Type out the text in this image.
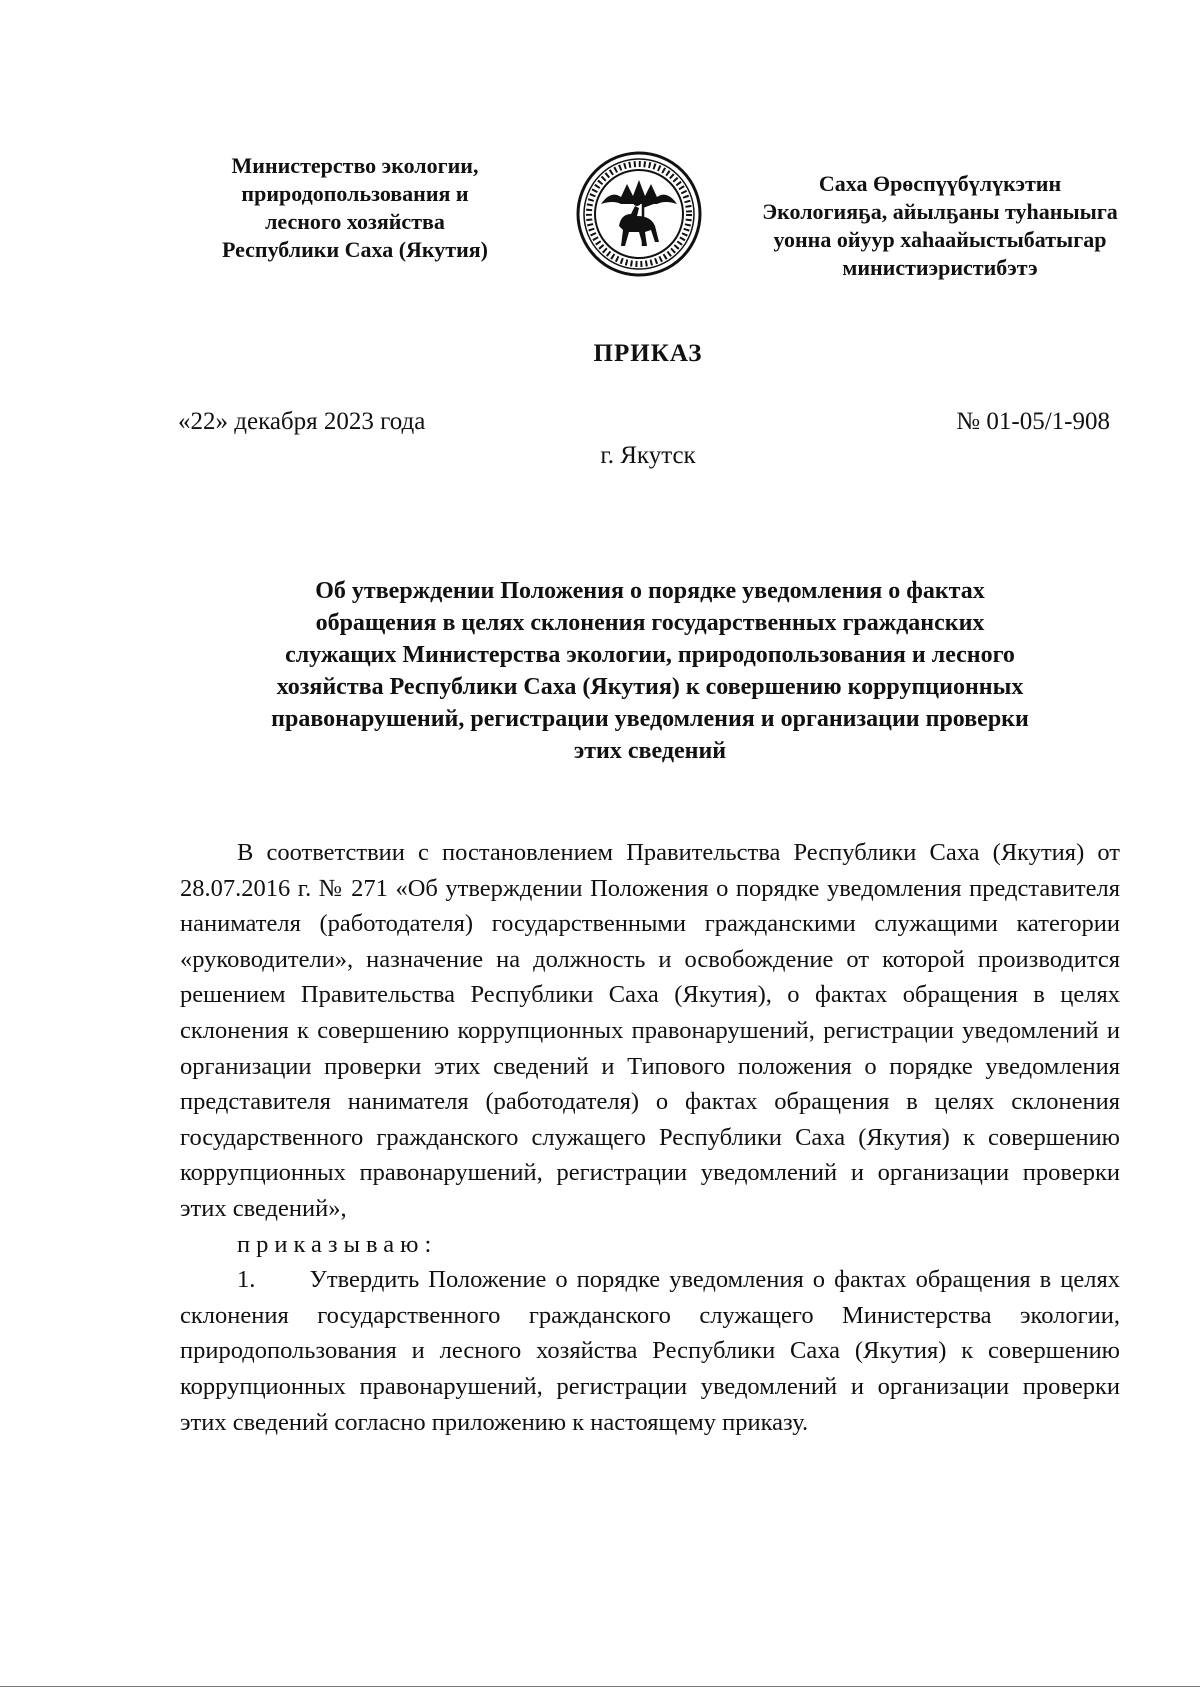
Министерство экологии,
природопользования и
лесного хозяйства
Республики Саха (Якутия)
Саха Өрөспүүбүлүкэтин
Экологияҕа, айылҕаны туһаныыга
уонна ойуур хаһаайыстыбатыгар
министиэристибэтэ
ПРИКАЗ
«22» декабря 2023 года	№ 01-05/1-908
г. Якутск
Об утверждении Положения о порядке уведомления о фактах
обращения в целях склонения государственных гражданских
служащих Министерства экологии, природопользования и лесного
хозяйства Республики Саха (Якутия) к совершению коррупционных
правонарушений, регистрации уведомления и организации проверки
этих сведений

В соответствии с постановлением Правительства Республики Саха (Якутия) от 28.07.2016 г. № 271 «Об утверждении Положения о порядке уведомления представителя нанимателя (работодателя) государственными гражданскими служащими категории «руководители», назначение на должность и освобождение от которой производится решением Правительства Республики Саха (Якутия), о фактах обращения в целях склонения к совершению коррупционных правонарушений, регистрации уведомлений и организации проверки этих сведений и Типового положения о порядке уведомления представителя нанимателя (работодателя) о фактах обращения в целях склонения государственного гражданского служащего Республики Саха (Якутия) к совершению коррупционных правонарушений, регистрации уведомлений и организации проверки этих сведений»,

приказываю:

1.      Утвердить Положение о порядке уведомления о фактах обращения в целях склонения государственного гражданского служащего Министерства экологии, природопользования и лесного хозяйства Республики Саха (Якутия) к совершению коррупционных правонарушений, регистрации уведомлений и организации проверки этих сведений согласно приложению к настоящему приказу.
